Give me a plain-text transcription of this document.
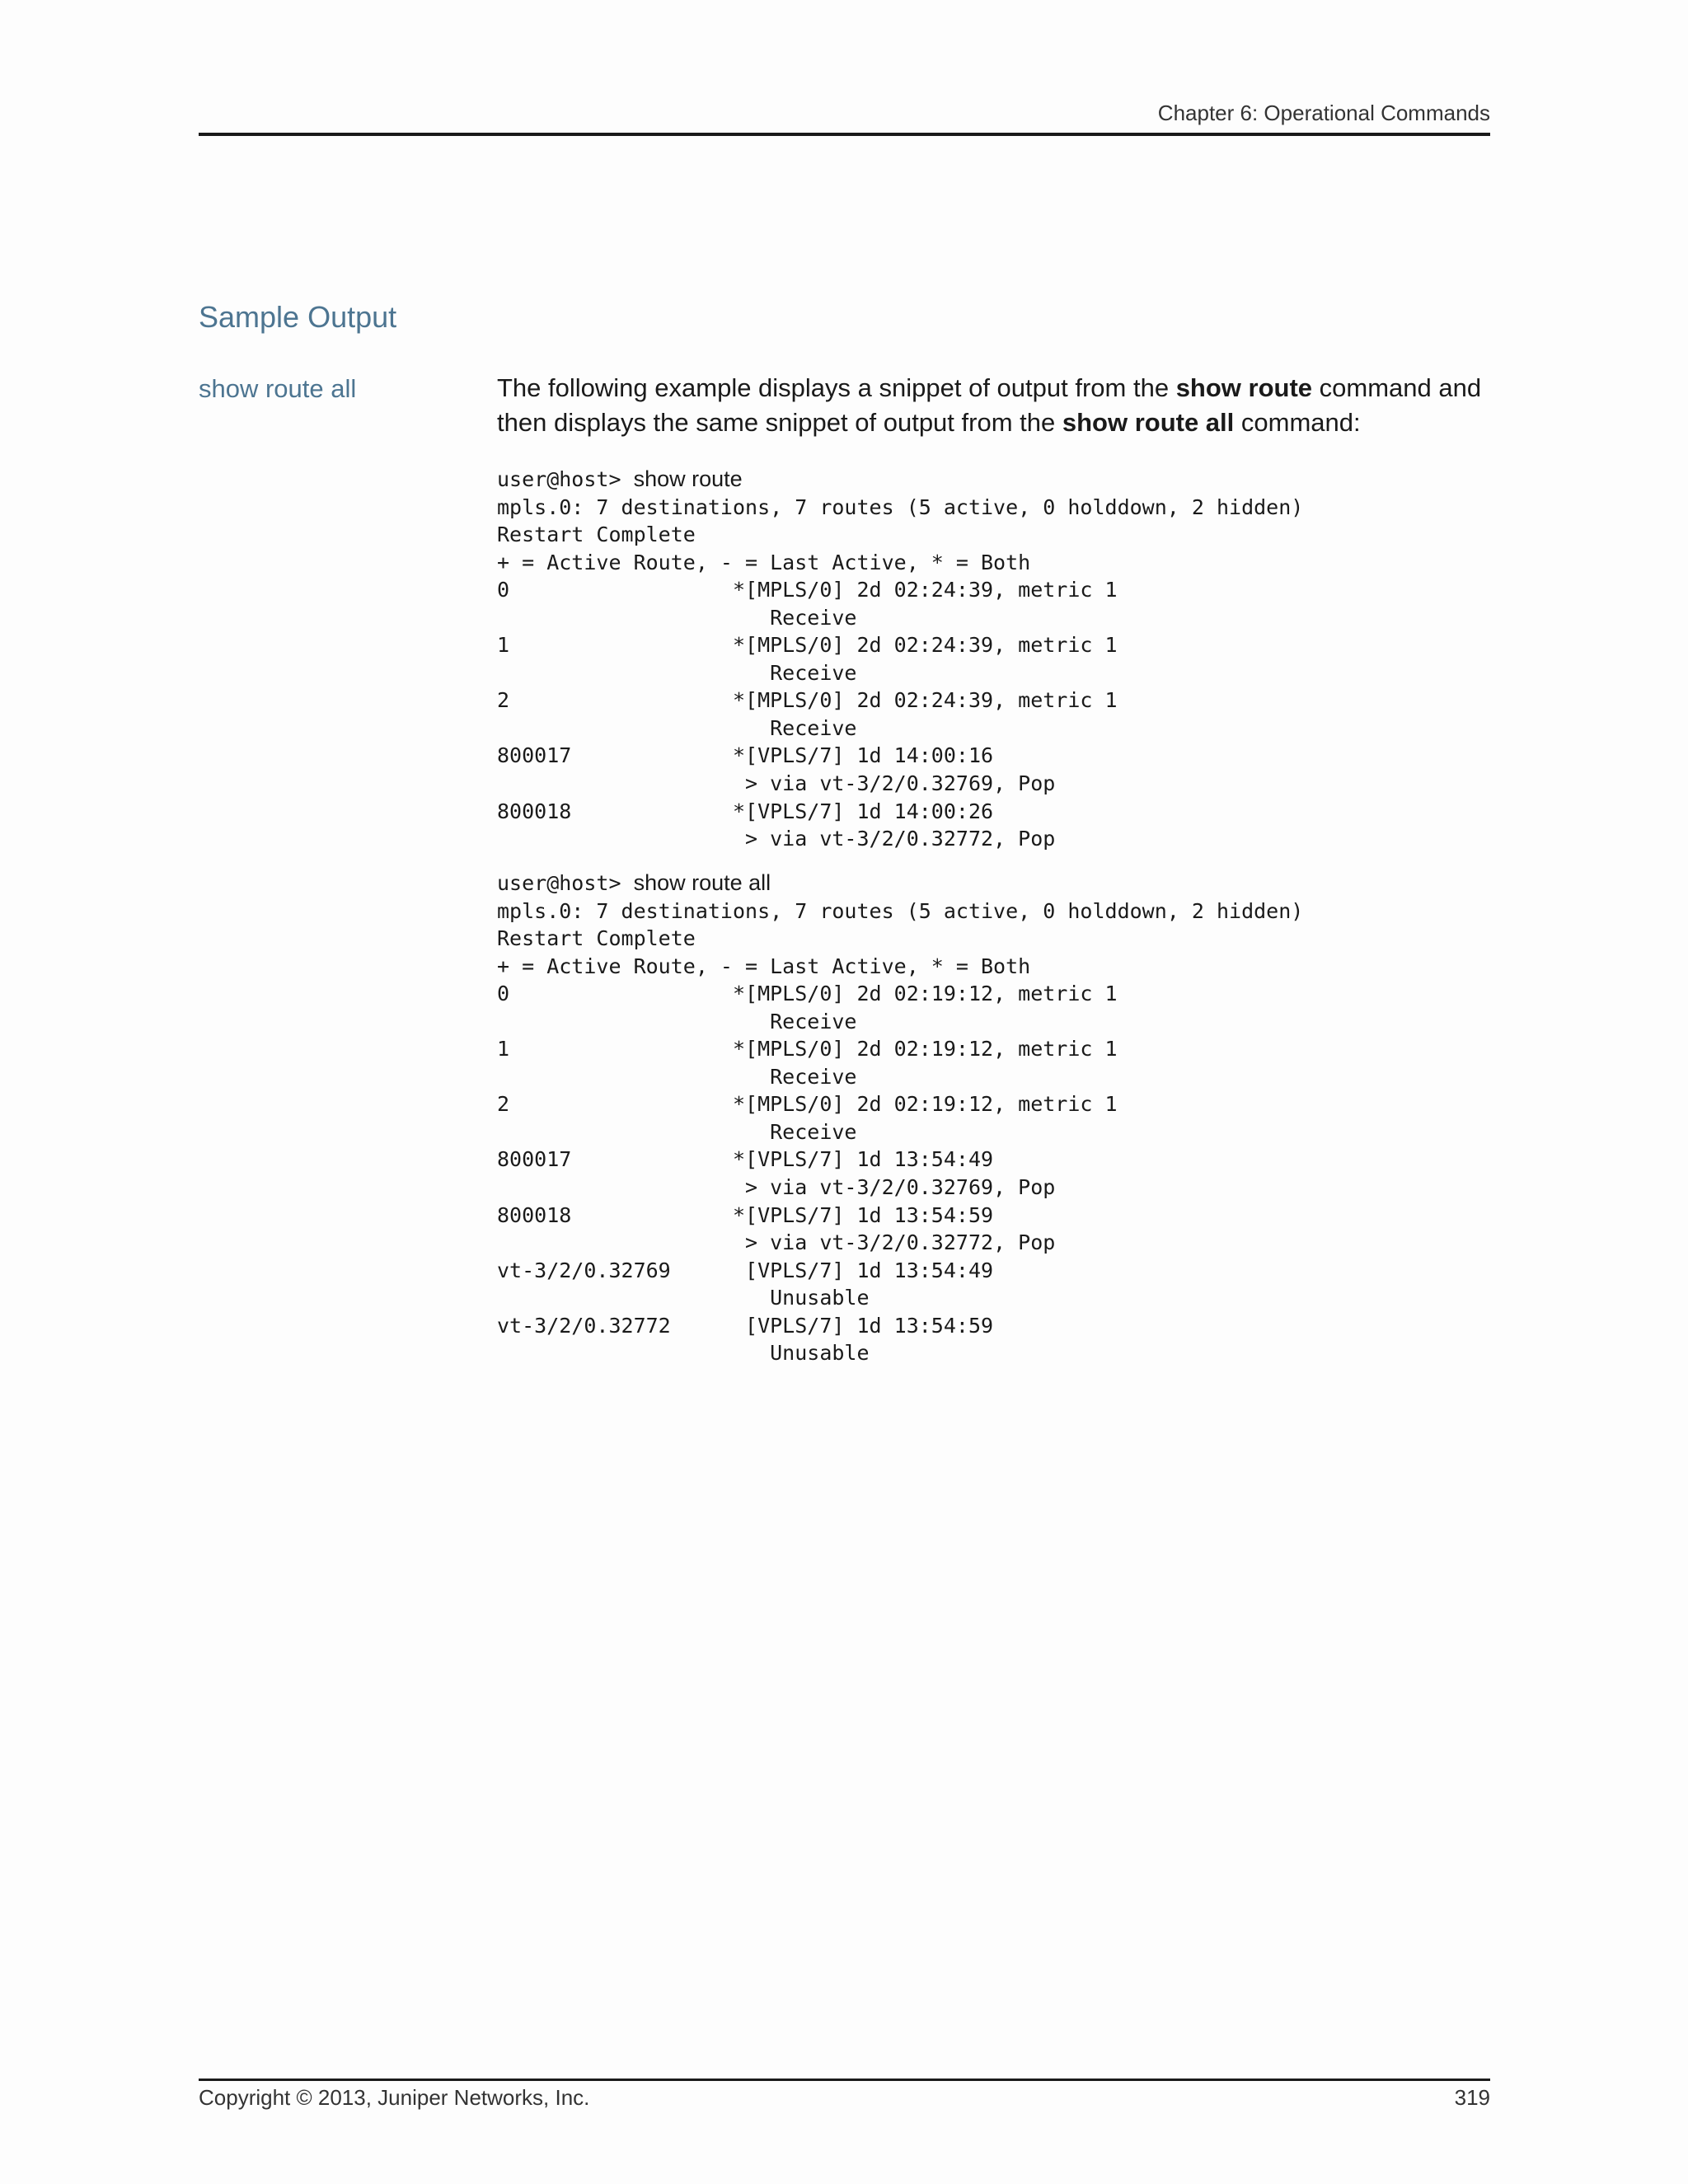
Chapter 6: Operational Commands
Sample Output
show route all	The following example displays a snippet of output from the show route command and then displays the same snippet of output from the show route all command:
user@host> show route
mpls.0: 7 destinations, 7 routes (5 active, 0 holddown, 2 hidden)
Restart Complete
+ = Active Route, - = Last Active, * = Both
0                  *[MPLS/0] 2d 02:24:39, metric 1
Receive
1                  *[MPLS/0] 2d 02:24:39, metric 1
Receive
2                  *[MPLS/0] 2d 02:24:39, metric 1
Receive
800017             *[VPLS/7] 1d 14:00:16
> via vt-3/2/0.32769, Pop
800018             *[VPLS/7] 1d 14:00:26
> via vt-3/2/0.32772, Pop
user@host> show route all
mpls.0: 7 destinations, 7 routes (5 active, 0 holddown, 2 hidden)
Restart Complete
+ = Active Route, - = Last Active, * = Both
0                  *[MPLS/0] 2d 02:19:12, metric 1
Receive
1                  *[MPLS/0] 2d 02:19:12, metric 1
Receive
2                  *[MPLS/0] 2d 02:19:12, metric 1
Receive
800017             *[VPLS/7] 1d 13:54:49
> via vt-3/2/0.32769, Pop
800018             *[VPLS/7] 1d 13:54:59
> via vt-3/2/0.32772, Pop
vt-3/2/0.32769      [VPLS/7] 1d 13:54:49
Unusable
vt-3/2/0.32772      [VPLS/7] 1d 13:54:59
Unusable
Copyright © 2013, Juniper Networks, Inc.	319
